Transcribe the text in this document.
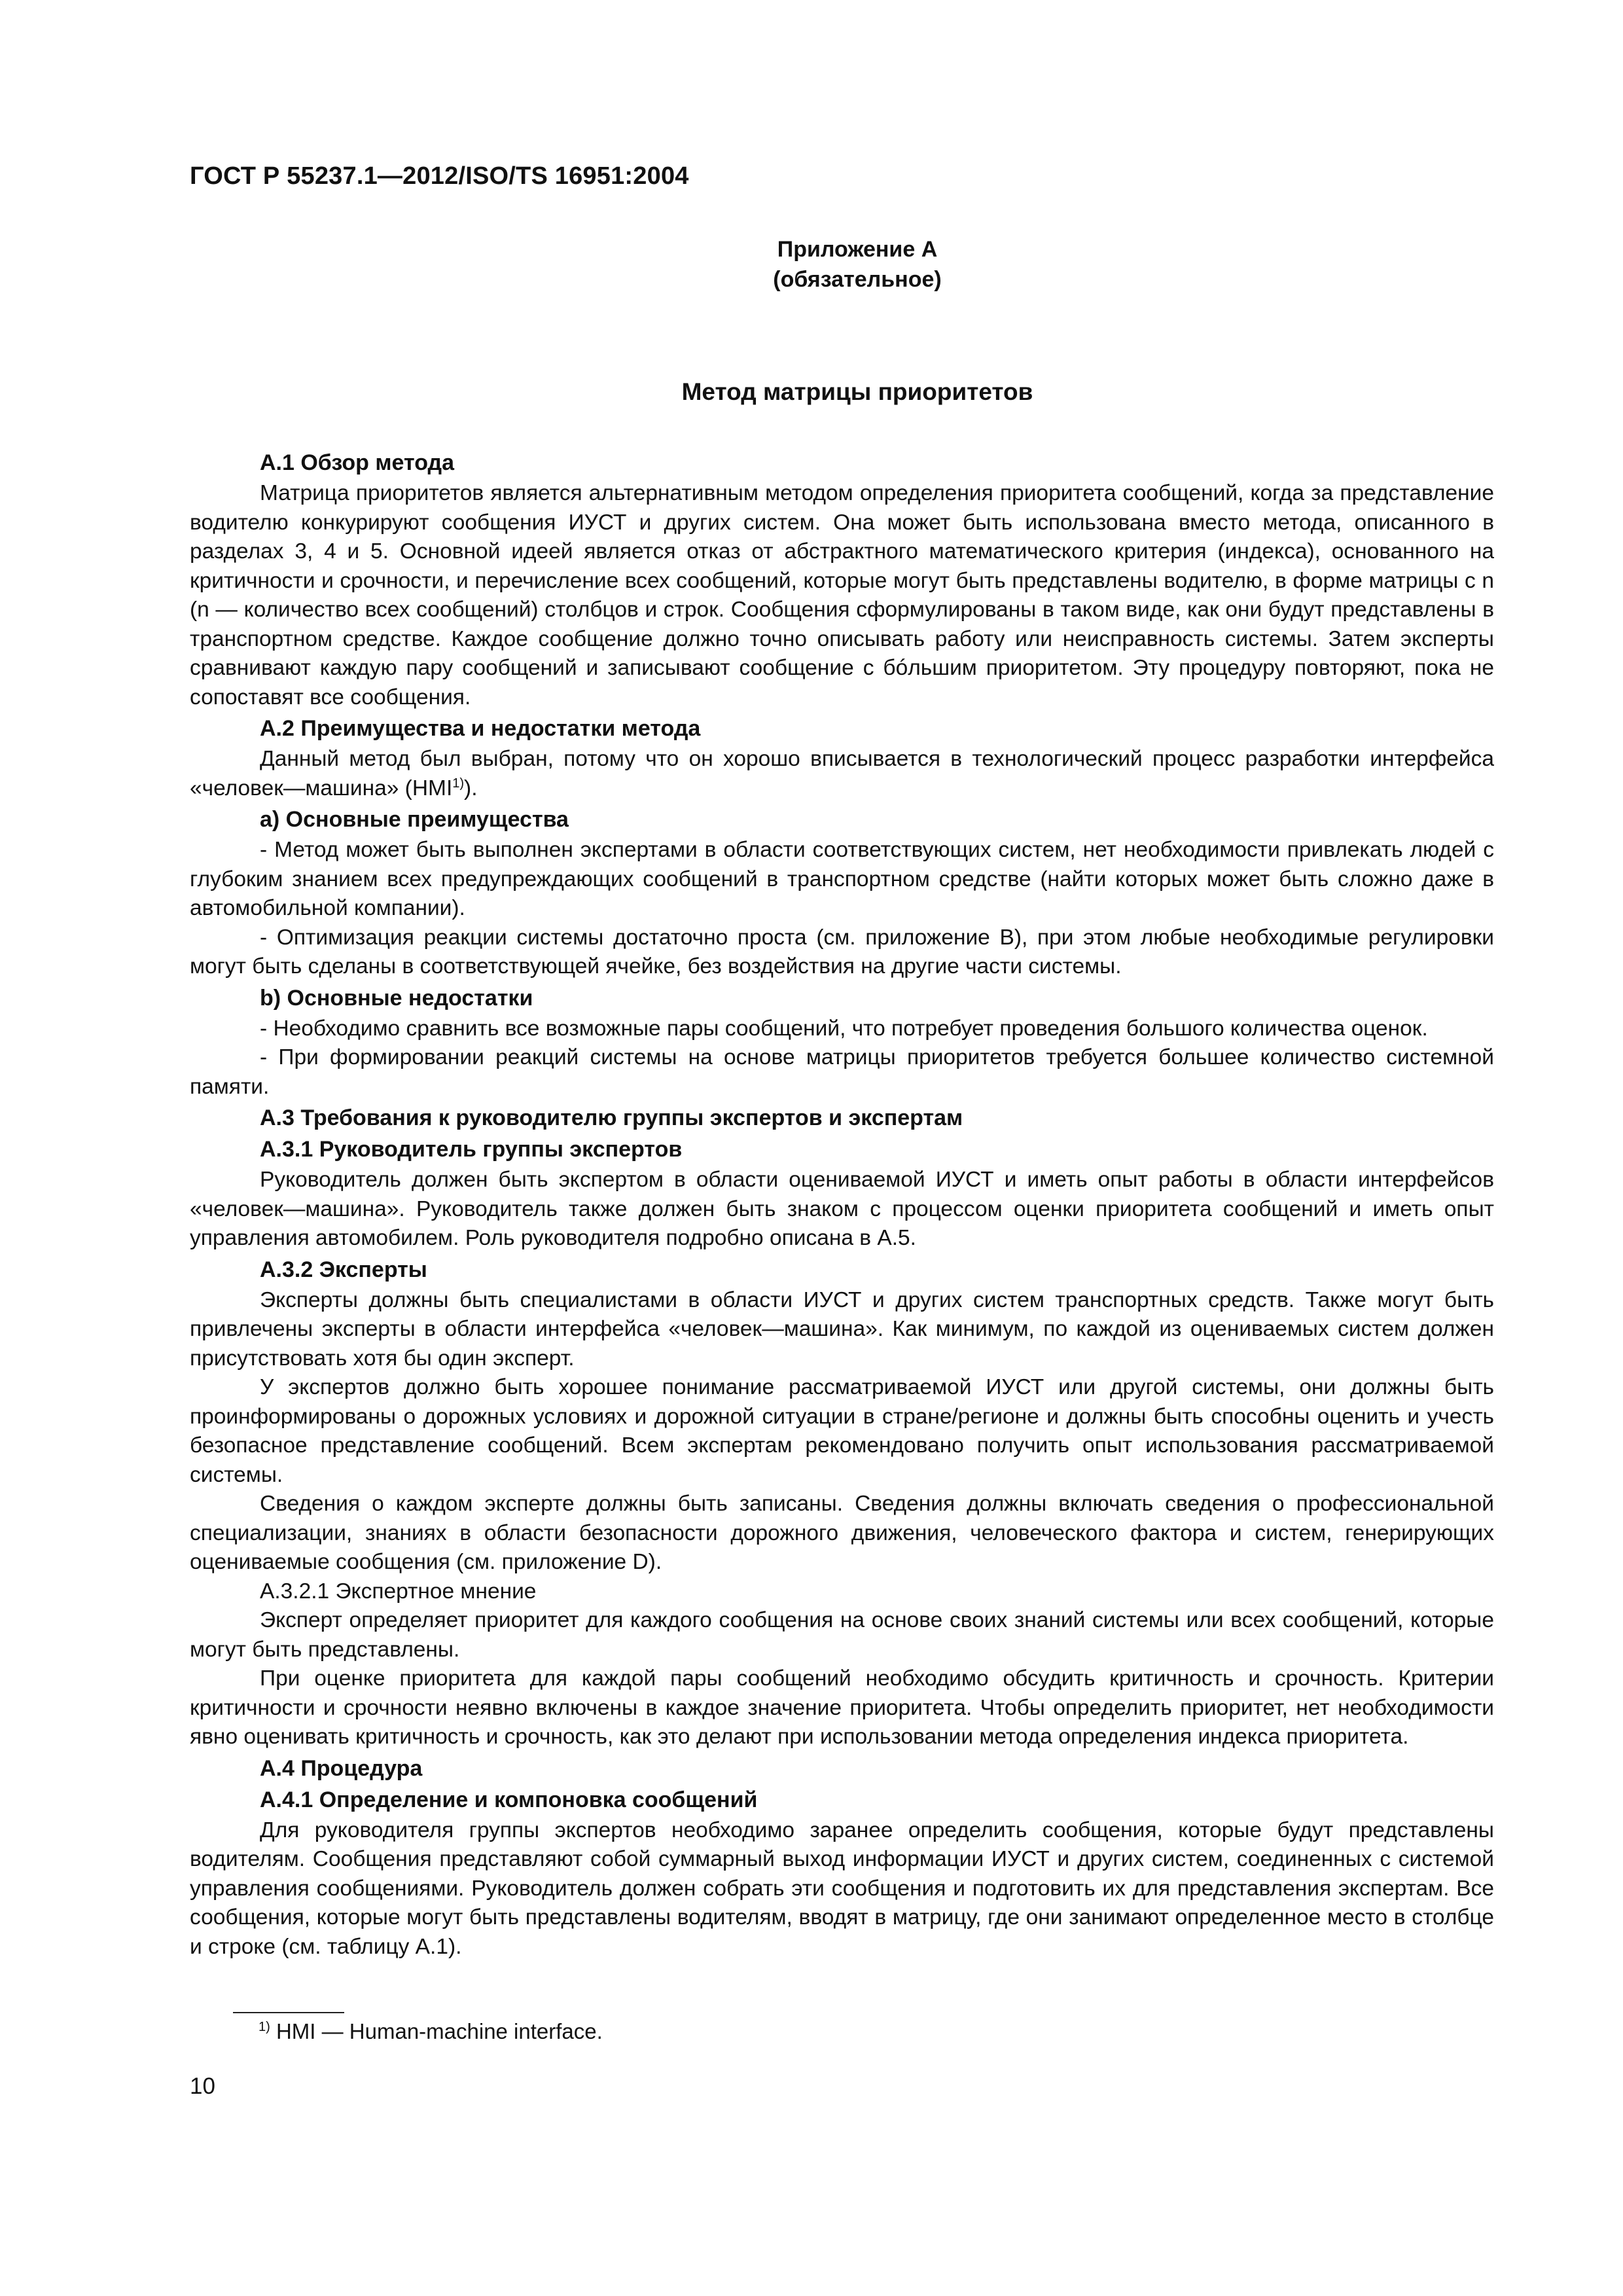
ГОСТ Р 55237.1—2012/ISO/TS 16951:2004
Приложение А
(обязательное)
Метод матрицы приоритетов
А.1 Обзор метода

Матрица приоритетов является альтернативным методом определения приоритета сообщений, когда за представление водителю конкурируют сообщения ИУСТ и других систем. Она может быть использована вместо метода, описанного в разделах 3, 4 и 5. Основной идеей является отказ от абстрактного математического критерия (индекса), основанного на критичности и срочности, и перечисление всех сообщений, которые могут быть представлены водителю, в форме матрицы с n (n — количество всех сообщений) столбцов и строк. Сообщения сформулированы в таком виде, как они будут представлены в транспортном средстве. Каждое сообщение должно точно описывать работу или неисправность системы. Затем эксперты сравнивают каждую пару сообщений и записывают сообщение с бóльшим приоритетом. Эту процедуру повторяют, пока не сопоставят все сообщения.

А.2 Преимущества и недостатки метода

Данный метод был выбран, потому что он хорошо вписывается в технологический процесс разработки интерфейса «человек—машина» (HMI$^{1)}$).

а) Основные преимущества

- Метод может быть выполнен экспертами в области соответствующих систем, нет необходимости привлекать людей с глубоким знанием всех предупреждающих сообщений в транспортном средстве (найти которых может быть сложно даже в автомобильной компании).

- Оптимизация реакции системы достаточно проста (см. приложение В), при этом любые необходимые регулировки могут быть сделаны в соответствующей ячейке, без воздействия на другие части системы.

b) Основные недостатки

- Необходимо сравнить все возможные пары сообщений, что потребует проведения большого количества оценок.

- При формировании реакций системы на основе матрицы приоритетов требуется большее количество системной памяти.

А.3 Требования к руководителю группы экспертов и экспертам
А.3.1 Руководитель группы экспертов

Руководитель должен быть экспертом в области оцениваемой ИУСТ и иметь опыт работы в области интерфейсов «человек—машина». Руководитель также должен быть знаком с процессом оценки приоритета сообщений и иметь опыт управления автомобилем. Роль руководителя подробно описана в А.5.

А.3.2 Эксперты

Эксперты должны быть специалистами в области ИУСТ и других систем транспортных средств. Также могут быть привлечены эксперты в области интерфейса «человек—машина». Как минимум, по каждой из оцениваемых систем должен присутствовать хотя бы один эксперт.

У экспертов должно быть хорошее понимание рассматриваемой ИУСТ или другой системы, они должны быть проинформированы о дорожных условиях и дорожной ситуации в стране/регионе и должны быть способны оценить и учесть безопасное представление сообщений. Всем экспертам рекомендовано получить опыт использования рассматриваемой системы.

Сведения о каждом эксперте должны быть записаны. Сведения должны включать сведения о профессиональной специализации, знаниях в области безопасности дорожного движения, человеческого фактора и систем, генерирующих оцениваемые сообщения (см. приложение D).

А.3.2.1 Экспертное мнение

Эксперт определяет приоритет для каждого сообщения на основе своих знаний системы или всех сообщений, которые могут быть представлены.

При оценке приоритета для каждой пары сообщений необходимо обсудить критичность и срочность. Критерии критичности и срочности неявно включены в каждое значение приоритета. Чтобы определить приоритет, нет необходимости явно оценивать критичность и срочность, как это делают при использовании метода определения индекса приоритета.

А.4 Процедура
А.4.1 Определение и компоновка сообщений

Для руководителя группы экспертов необходимо заранее определить сообщения, которые будут представлены водителям. Сообщения представляют собой суммарный выход информации ИУСТ и других систем, соединенных с системой управления сообщениями. Руководитель должен собрать эти сообщения и подготовить их для представления экспертам. Все сообщения, которые могут быть представлены водителям, вводят в матрицу, где они занимают определенное место в столбце и строке (см. таблицу А.1).

$^{1)}$ HMI — Human-machine interface.
10
